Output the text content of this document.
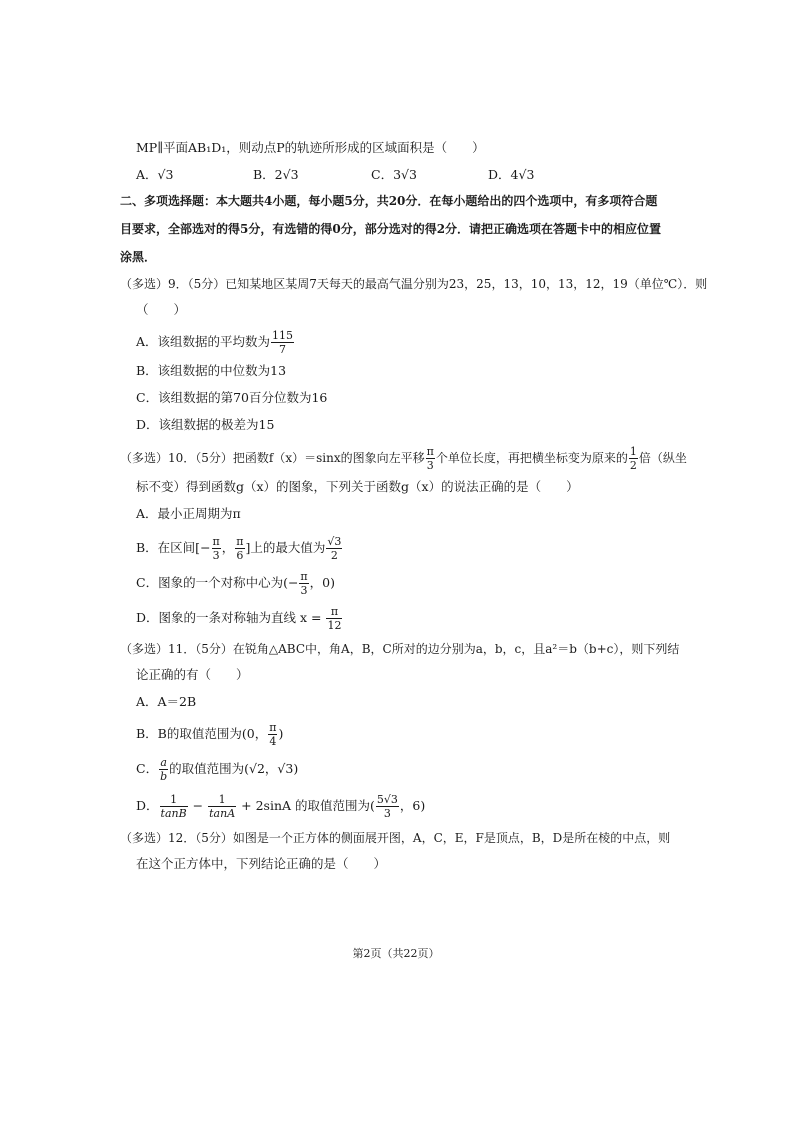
MP∥平面AB₁D₁，则动点P的轨迹所形成的区域面积是（　　）
A．√3	B．2√3	C．3√3	D．4√3
二、多项选择题：本大题共4小题，每小题5分，共20分．在每小题给出的四个选项中，有多项符合题
目要求，全部选对的得5分，有选错的得0分，部分选对的得2分．请把正确选项在答题卡中的相应位置
涂黑．
（多选）9．（5分）已知某地区某周7天每天的最高气温分别为23，25，13，10，13，12，19（单位℃）．则
（　　）
A．该组数据的平均数为 $\frac{115}{7}$
B．该组数据的中位数为13
C．该组数据的第70百分位数为16
D．该组数据的极差为15
（多选）10．（5分）把函数f（x）＝sinx的图象向左平移 $\frac{\pi}{3}$ 个单位长度，再把横坐标变为原来的 $\frac{1}{2}$ 倍（纵坐
标不变）得到函数g（x）的图象，下列关于函数g（x）的说法正确的是（　　）
A．最小正周期为π
B．在区间[− $\frac{\pi}{3}$ ， $\frac{\pi}{6}$ ]上的最大值为 $\frac{√3}{2}$
C．图象的一个对称中心为(− $\frac{\pi}{3}$ ，0)
D．图象的一条对称轴为直线 $x = \frac{\pi}{12}$
（多选）11．（5分）在锐角△ABC中，角A，B，C所对的边分别为a，b，c，且a²＝b（b+c），则下列结
论正确的有（　　）
A．A＝2B
B．B的取值范围为(0， $\frac{\pi}{4}$ )
C． $\frac{a}{b}$ 的取值范围为(√2，√3)
D． $\frac{1}{\tan B} - \frac{1}{\tan A} + 2\sin A$ 的取值范围为( $\frac{5√3}{3}$ ，6)
（多选）12．（5分）如图是一个正方体的侧面展开图，A，C，E，F是顶点，B，D是所在棱的中点，则
在这个正方体中，下列结论正确的是（　　）
第2页（共22页）
